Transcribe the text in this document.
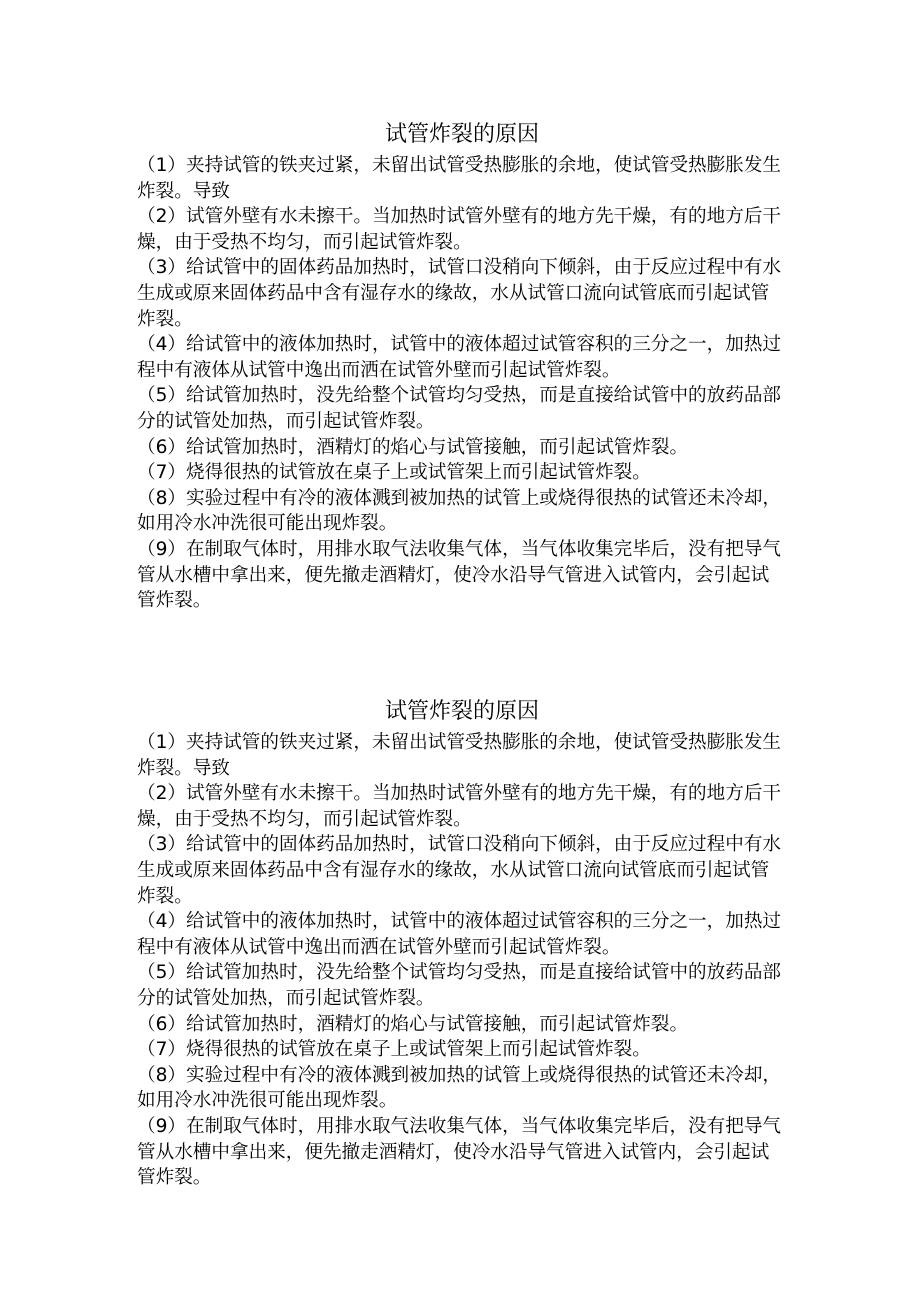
试管炸裂的原因
（1）夹持试管的铁夹过紧，未留出试管受热膨胀的余地，使试管受热膨胀发生
炸裂。导致
（2）试管外壁有水未擦干。当加热时试管外壁有的地方先干燥，有的地方后干
燥，由于受热不均匀，而引起试管炸裂。
（3）给试管中的固体药品加热时，试管口没稍向下倾斜，由于反应过程中有水
生成或原来固体药品中含有湿存水的缘故，水从试管口流向试管底而引起试管
炸裂。
（4）给试管中的液体加热时，试管中的液体超过试管容积的三分之一，加热过
程中有液体从试管中逸出而洒在试管外壁而引起试管炸裂。
（5）给试管加热时，没先给整个试管均匀受热，而是直接给试管中的放药品部
分的试管处加热，而引起试管炸裂。
（6）给试管加热时，酒精灯的焰心与试管接触，而引起试管炸裂。
（7）烧得很热的试管放在桌子上或试管架上而引起试管炸裂。
（8）实验过程中有冷的液体溅到被加热的试管上或烧得很热的试管还未冷却，
如用冷水冲洗很可能出现炸裂。
（9）在制取气体时，用排水取气法收集气体，当气体收集完毕后，没有把导气
管从水槽中拿出来，便先撤走酒精灯，使冷水沿导气管进入试管内，会引起试
管炸裂。
试管炸裂的原因
（1）夹持试管的铁夹过紧，未留出试管受热膨胀的余地，使试管受热膨胀发生
炸裂。导致
（2）试管外壁有水未擦干。当加热时试管外壁有的地方先干燥，有的地方后干
燥，由于受热不均匀，而引起试管炸裂。
（3）给试管中的固体药品加热时，试管口没稍向下倾斜，由于反应过程中有水
生成或原来固体药品中含有湿存水的缘故，水从试管口流向试管底而引起试管
炸裂。
（4）给试管中的液体加热时，试管中的液体超过试管容积的三分之一，加热过
程中有液体从试管中逸出而洒在试管外壁而引起试管炸裂。
（5）给试管加热时，没先给整个试管均匀受热，而是直接给试管中的放药品部
分的试管处加热，而引起试管炸裂。
（6）给试管加热时，酒精灯的焰心与试管接触，而引起试管炸裂。
（7）烧得很热的试管放在桌子上或试管架上而引起试管炸裂。
（8）实验过程中有冷的液体溅到被加热的试管上或烧得很热的试管还未冷却，
如用冷水冲洗很可能出现炸裂。
（9）在制取气体时，用排水取气法收集气体，当气体收集完毕后，没有把导气
管从水槽中拿出来，便先撤走酒精灯，使冷水沿导气管进入试管内，会引起试
管炸裂。
